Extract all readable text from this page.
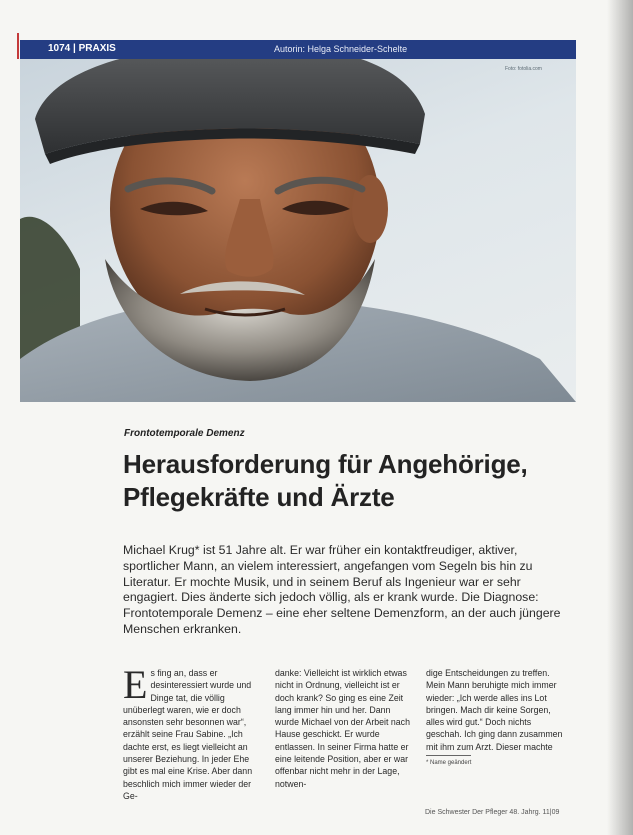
1074 | PRAXIS	Autorin: Helga Schneider-Schelte
Foto: fotolia.com
Frontotemporale Demenz
Herausforderung für Angehörige,
Pflegekräfte und Ärzte
Michael Krug* ist 51 Jahre alt. Er war früher ein kontaktfreudiger, aktiver, sportlicher Mann, an vielem interessiert, angefangen vom Segeln bis hin zu Literatur. Er mochte Musik, und in seinem Beruf als Ingenieur war er sehr engagiert. Dies änderte sich jedoch völlig, als er krank wurde. Die Diagnose: Frontotemporale Demenz – eine eher seltene Demenzform, an der auch jüngere Menschen erkranken.
Es fing an, dass er desinteressiert wurde und Dinge tat, die völlig unüberlegt waren, wie er doch ansonsten sehr besonnen war“, erzählt seine Frau Sabine. „Ich dachte erst, es liegt vielleicht an unserer Beziehung. In jeder Ehe gibt es mal eine Krise. Aber dann beschlich mich immer wieder der Ge-
danke: Vielleicht ist wirklich etwas nicht in Ordnung, vielleicht ist er doch krank? So ging es eine Zeit lang immer hin und her. Dann wurde Michael von der Arbeit nach Hause geschickt. Er wurde entlassen. In seiner Firma hatte er eine leitende Position, aber er war offenbar nicht mehr in der Lage, notwen-
dige Entscheidungen zu treffen. Mein Mann beruhigte mich immer wieder: „Ich werde alles ins Lot bringen. Mach dir keine Sorgen, alles wird gut.“ Doch nichts geschah. Ich ging dann zusammen mit ihm zum Arzt. Dieser machte
* Name geändert
Die Schwester Der Pfleger 48. Jahrg. 11|09
